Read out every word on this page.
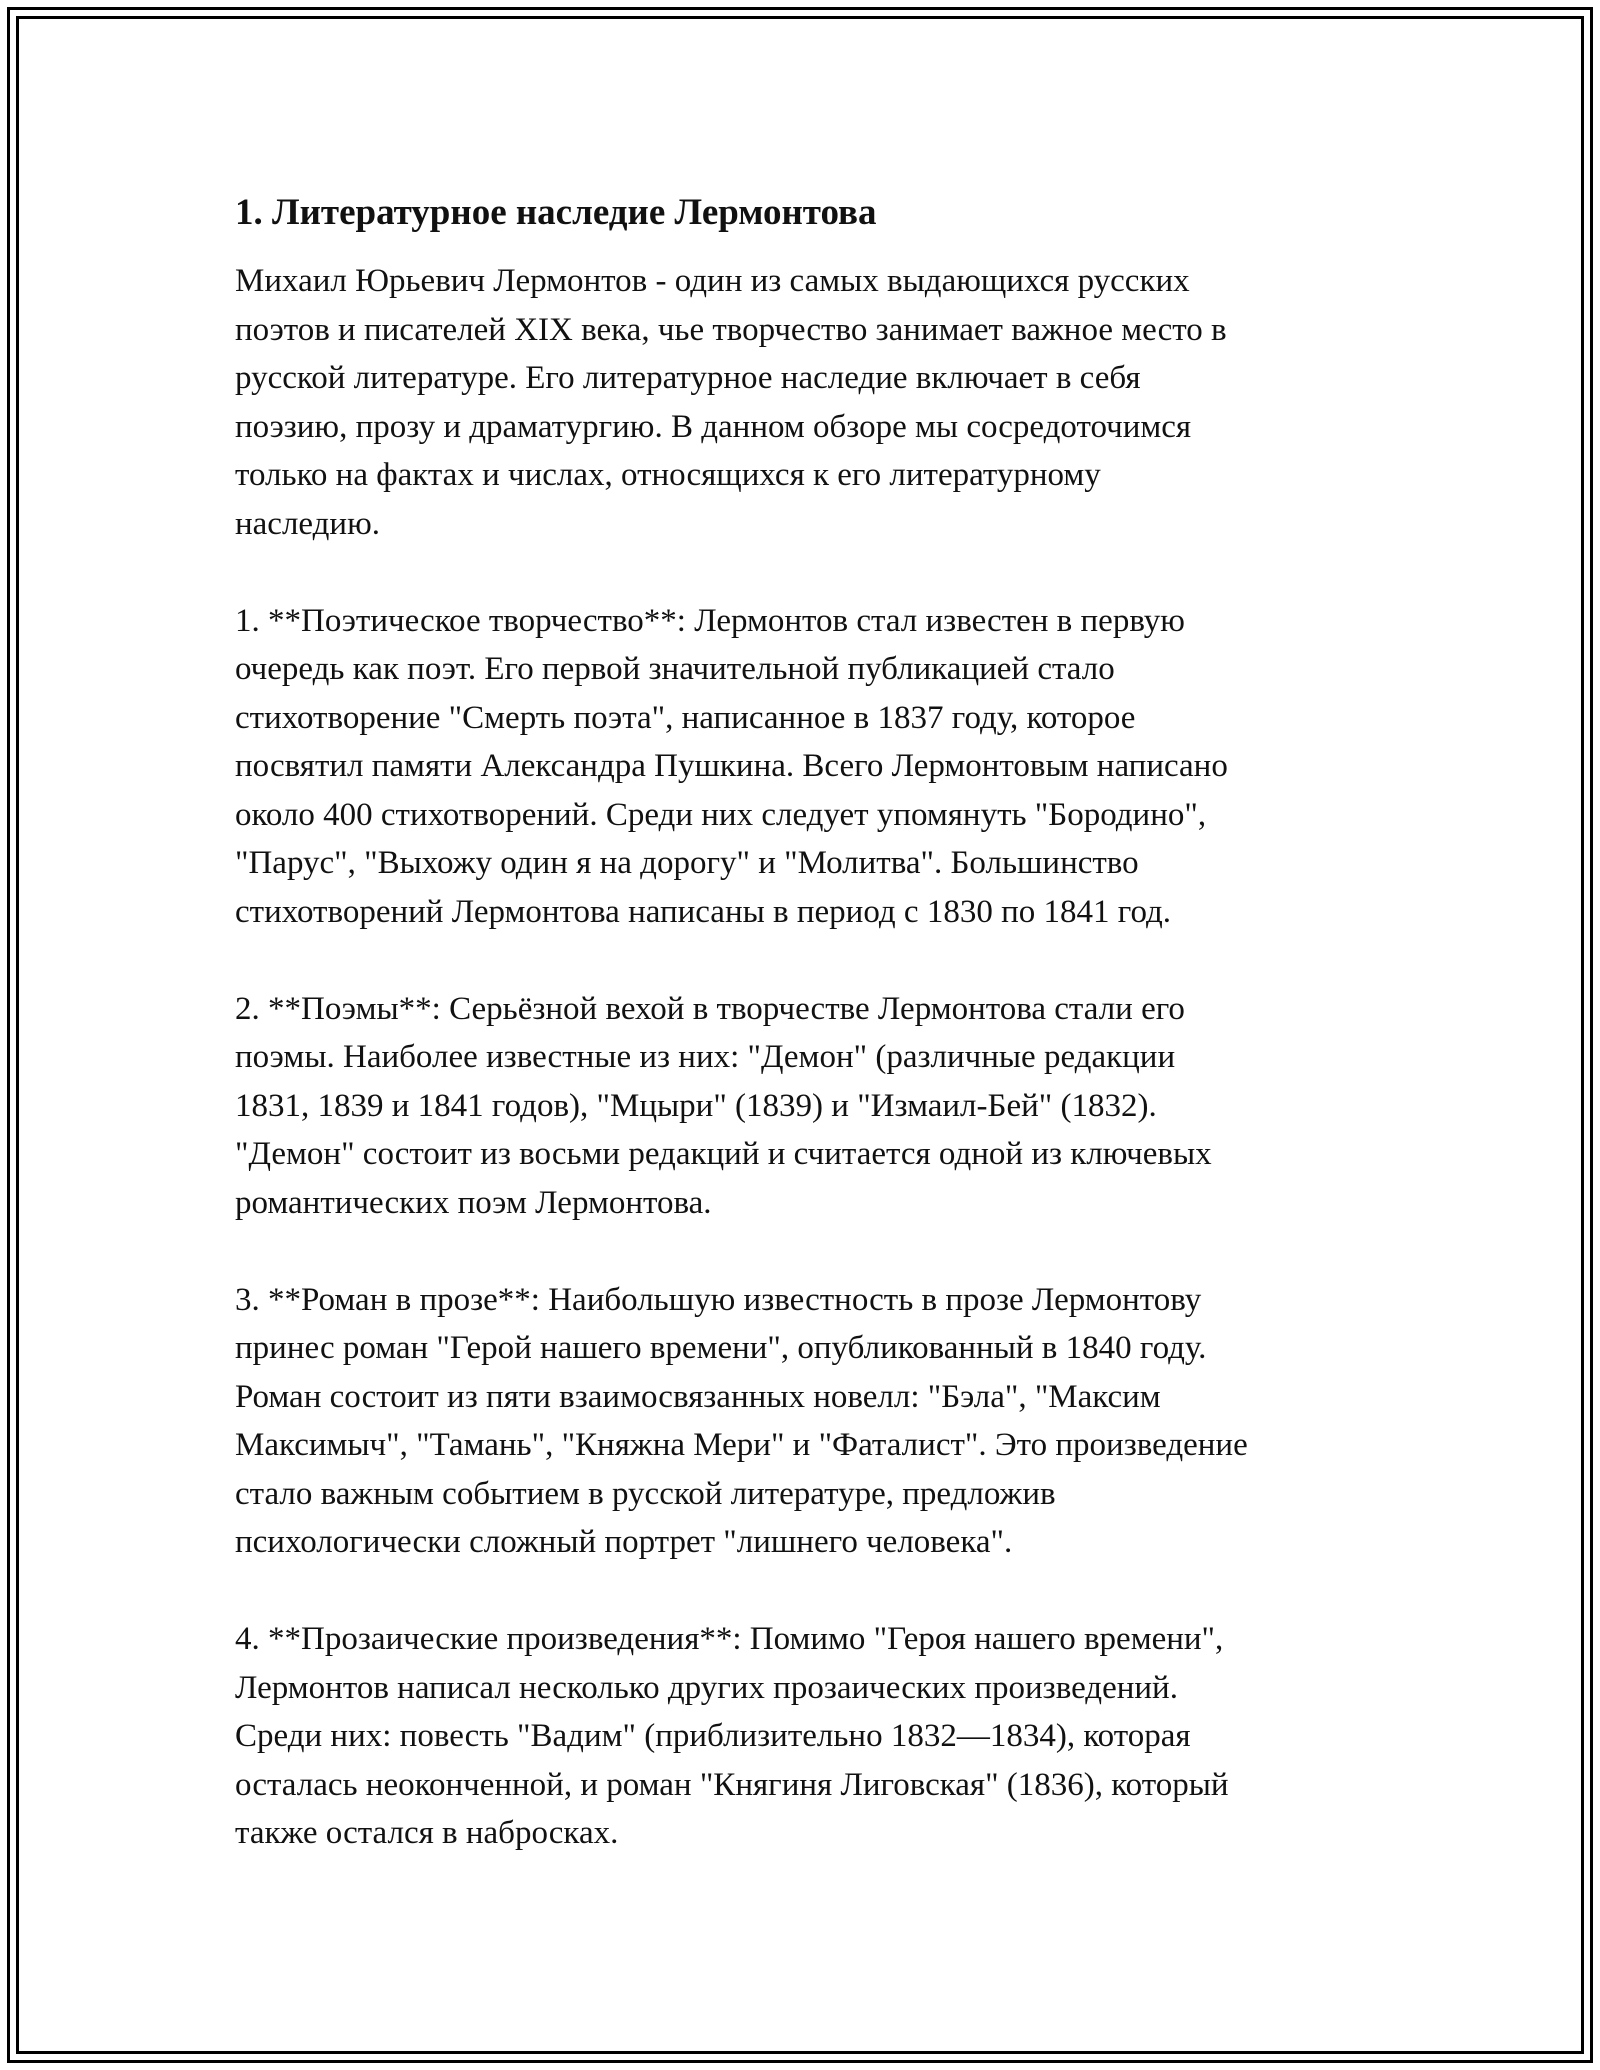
1. Литературное наследие Лермонтова

Михаил Юрьевич Лермонтов - один из самых выдающихся русских
поэтов и писателей XIX века, чье творчество занимает важное место в
русской литературе. Его литературное наследие включает в себя
поэзию, прозу и драматургию. В данном обзоре мы сосредоточимся
только на фактах и числах, относящихся к его литературному
наследию.

1. **Поэтическое творчество**: Лермонтов стал известен в первую
очередь как поэт. Его первой значительной публикацией стало
стихотворение "Смерть поэта", написанное в 1837 году, которое
посвятил памяти Александра Пушкина. Всего Лермонтовым написано
около 400 стихотворений. Среди них следует упомянуть "Бородино",
"Парус", "Выхожу один я на дорогу" и "Молитва". Большинство
стихотворений Лермонтова написаны в период с 1830 по 1841 год.

2. **Поэмы**: Серьёзной вехой в творчестве Лермонтова стали его
поэмы. Наиболее известные из них: "Демон" (различные редакции
1831, 1839 и 1841 годов), "Мцыри" (1839) и "Измаил-Бей" (1832).
"Демон" состоит из восьми редакций и считается одной из ключевых
романтических поэм Лермонтова.

3. **Роман в прозе**: Наибольшую известность в прозе Лермонтову
принес роман "Герой нашего времени", опубликованный в 1840 году.
Роман состоит из пяти взаимосвязанных новелл: "Бэла", "Максим
Максимыч", "Тамань", "Княжна Мери" и "Фаталист". Это произведение
стало важным событием в русской литературе, предложив
психологически сложный портрет "лишнего человека".

4. **Прозаические произведения**: Помимо "Героя нашего времени",
Лермонтов написал несколько других прозаических произведений.
Среди них: повесть "Вадим" (приблизительно 1832—1834), которая
осталась неоконченной, и роман "Княгиня Лиговская" (1836), который
также остался в набросках.
